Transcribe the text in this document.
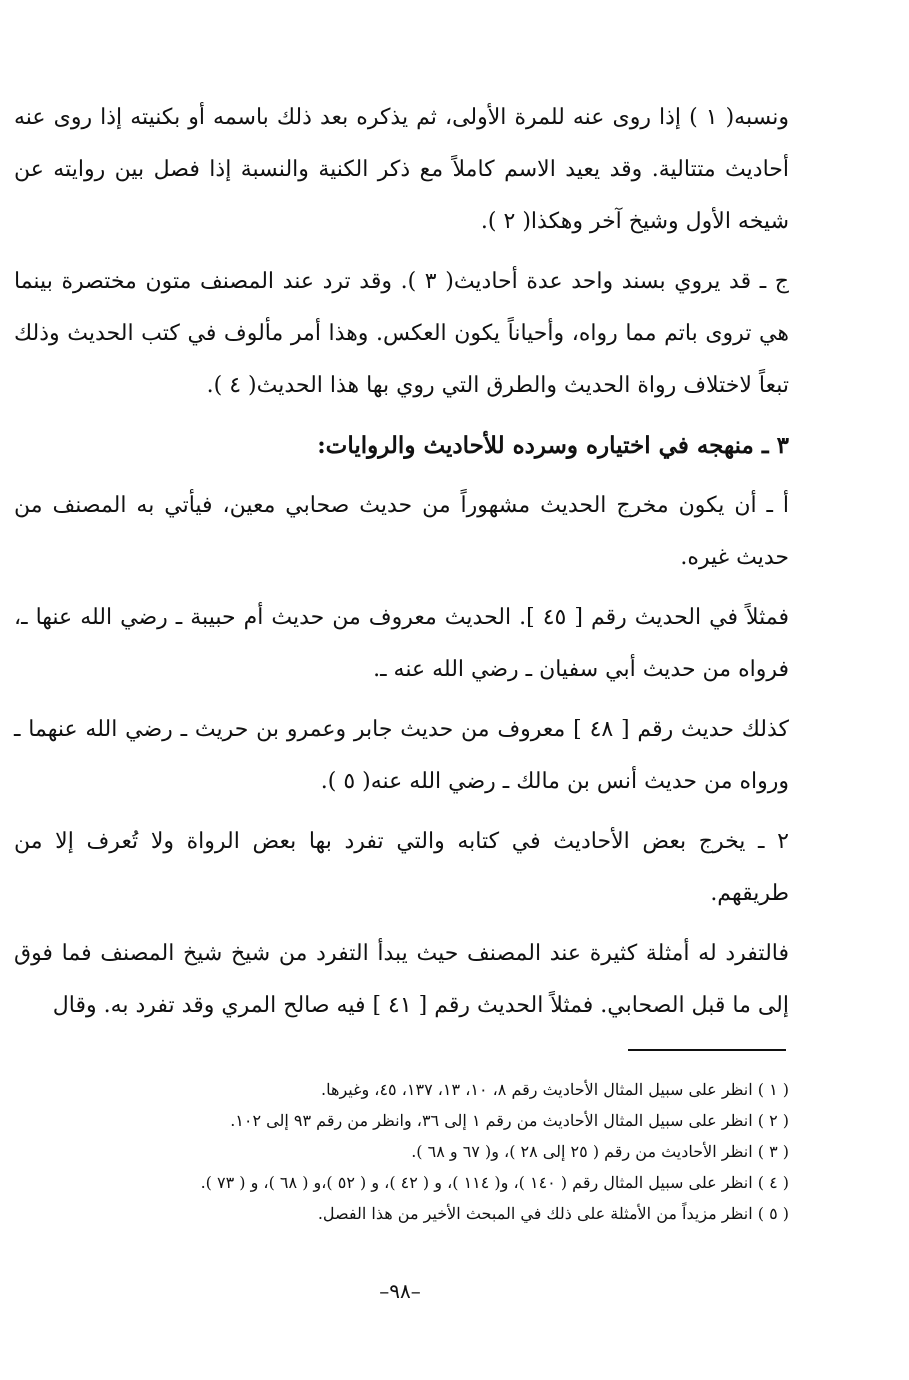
ونسبه( ١ ) إذا روى عنه للمرة الأولى، ثم يذكره بعد ذلك باسمه أو بكنيته إذا روى عنه أحاديث متتالية. وقد يعيد الاسم كاملاً مع ذكر الكنية والنسبة إذا فصل بين روايته عن شيخه الأول وشيخ آخر وهكذا( ٢ ).

ج ـ قد يروي بسند واحد عدة أحاديث( ٣ ). وقد ترد عند المصنف متون مختصرة بينما هي تروى باتم مما رواه، وأحياناً يكون العكس. وهذا أمر مألوف في كتب الحديث وذلك تبعاً لاختلاف رواة الحديث والطرق التي روي بها هذا الحديث( ٤ ).

٣ ـ منهجه في اختياره وسرده للأحاديث والروايات:

أ ـ أن يكون مخرج الحديث مشهوراً من حديث صحابي معين، فيأتي به المصنف من حديث غيره.

فمثلاً في الحديث رقم [ ٤٥ ]. الحديث معروف من حديث أم حبيبة ـ رضي الله عنها ـ، فرواه من حديث أبي سفيان ـ رضي الله عنه ـ.

كذلك حديث رقم [ ٤٨ ] معروف من حديث جابر وعمرو بن حريث ـ رضي الله عنهما ـ ورواه من حديث أنس بن مالك ـ رضي الله عنه( ٥ ).

٢ ـ يخرج بعض الأحاديث في كتابه والتي تفرد بها بعض الرواة ولا تُعرف إلا من طريقهم.

فالتفرد له أمثلة كثيرة عند المصنف حيث يبدأ التفرد من شيخ شيخ المصنف فما فوق إلى ما قبل الصحابي. فمثلاً الحديث رقم [ ٤١ ] فيه صالح المري وقد تفرد به. وقال

( ١ ) انظر على سبيل المثال الأحاديث رقم ٨، ١٠، ١٣، ١٣٧، ٤٥، وغيرها.

( ٢ ) انظر على سبيل المثال الأحاديث من رقم ١ إلى ٣٦، وانظر من رقم ٩٣ إلى ١٠٢.

( ٣ ) انظر الأحاديث من رقم ( ٢٥ إلى ٢٨ )، و( ٦٧ و ٦٨ ).

( ٤ ) انظر على سبيل المثال رقم ( ١٤٠ )، و( ١١٤ )، و ( ٤٢ )، و ( ٥٢ )،و ( ٦٨ )، و ( ٧٣ ).

( ٥ ) انظر مزيداً من الأمثلة على ذلك في المبحث الأخير من هذا الفصل.

–٩٨–
